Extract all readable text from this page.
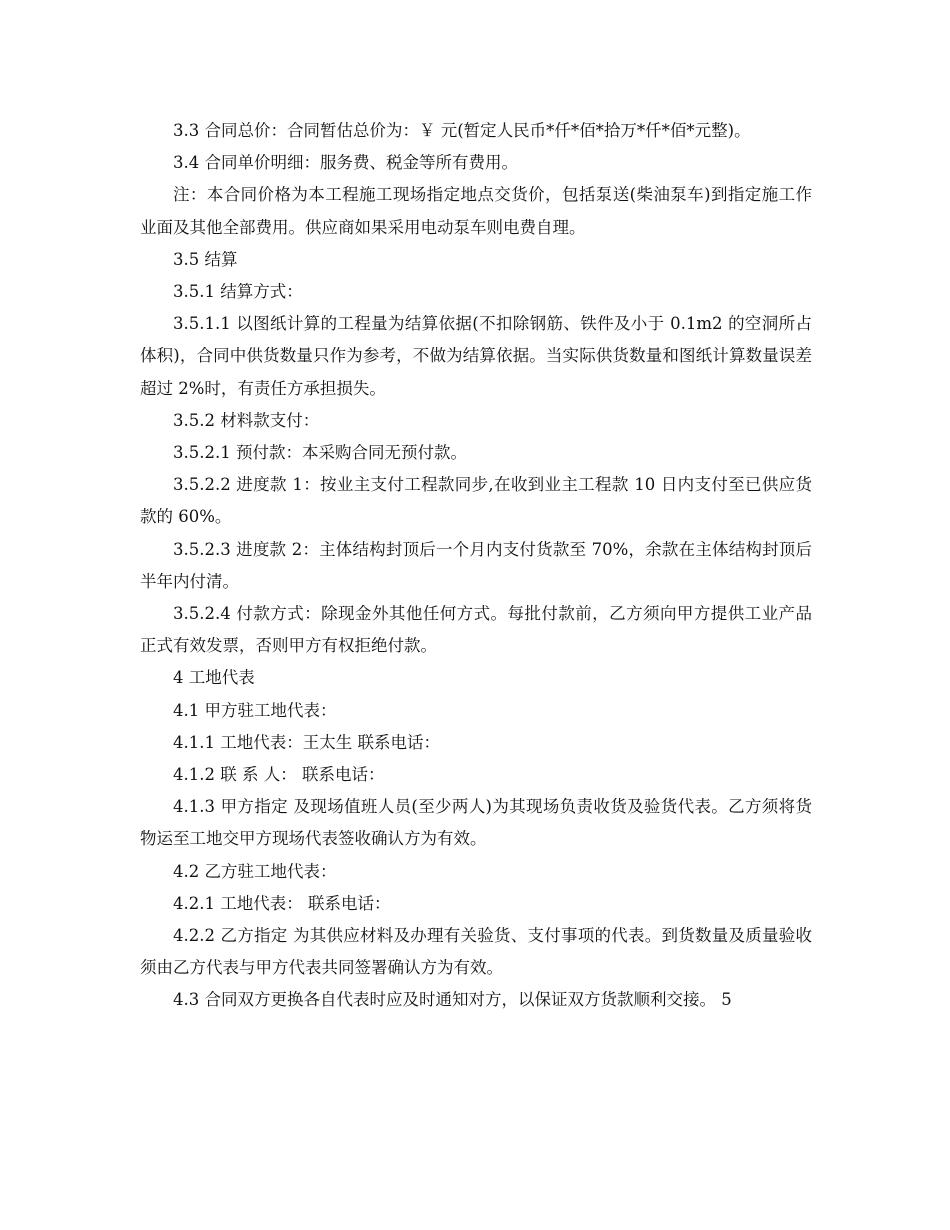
3.3 合同总价：合同暂估总价为：￥ 元(暂定人民币*仟*佰*拾万*仟*佰*元整)。

3.4 合同单价明细：服务费、税金等所有费用。

注：本合同价格为本工程施工现场指定地点交货价，包括泵送(柴油泵车)到指定施工作业面及其他全部费用。供应商如果采用电动泵车则电费自理。

3.5 结算

3.5.1 结算方式：

3.5.1.1 以图纸计算的工程量为结算依据(不扣除钢筋、铁件及小于 0.1m2 的空洞所占体积)，合同中供货数量只作为参考，不做为结算依据。当实际供货数量和图纸计算数量误差超过 2%时，有责任方承担损失。

3.5.2 材料款支付：

3.5.2.1 预付款：本采购合同无预付款。

3.5.2.2 进度款 1：按业主支付工程款同步,在收到业主工程款 10 日内支付至已供应货款的 60%。

3.5.2.3 进度款 2：主体结构封顶后一个月内支付货款至 70%，余款在主体结构封顶后半年内付清。

3.5.2.4 付款方式：除现金外其他任何方式。每批付款前，乙方须向甲方提供工业产品正式有效发票，否则甲方有权拒绝付款。

4 工地代表

4.1 甲方驻工地代表：

4.1.1 工地代表：王太生 联系电话：

4.1.2 联 系 人： 联系电话：

4.1.3 甲方指定 及现场值班人员(至少两人)为其现场负责收货及验货代表。乙方须将货物运至工地交甲方现场代表签收确认方为有效。

4.2 乙方驻工地代表：

4.2.1 工地代表： 联系电话：

4.2.2 乙方指定 为其供应材料及办理有关验货、支付事项的代表。到货数量及质量验收须由乙方代表与甲方代表共同签署确认方为有效。

4.3 合同双方更换各自代表时应及时通知对方，以保证双方货款顺利交接。 5
